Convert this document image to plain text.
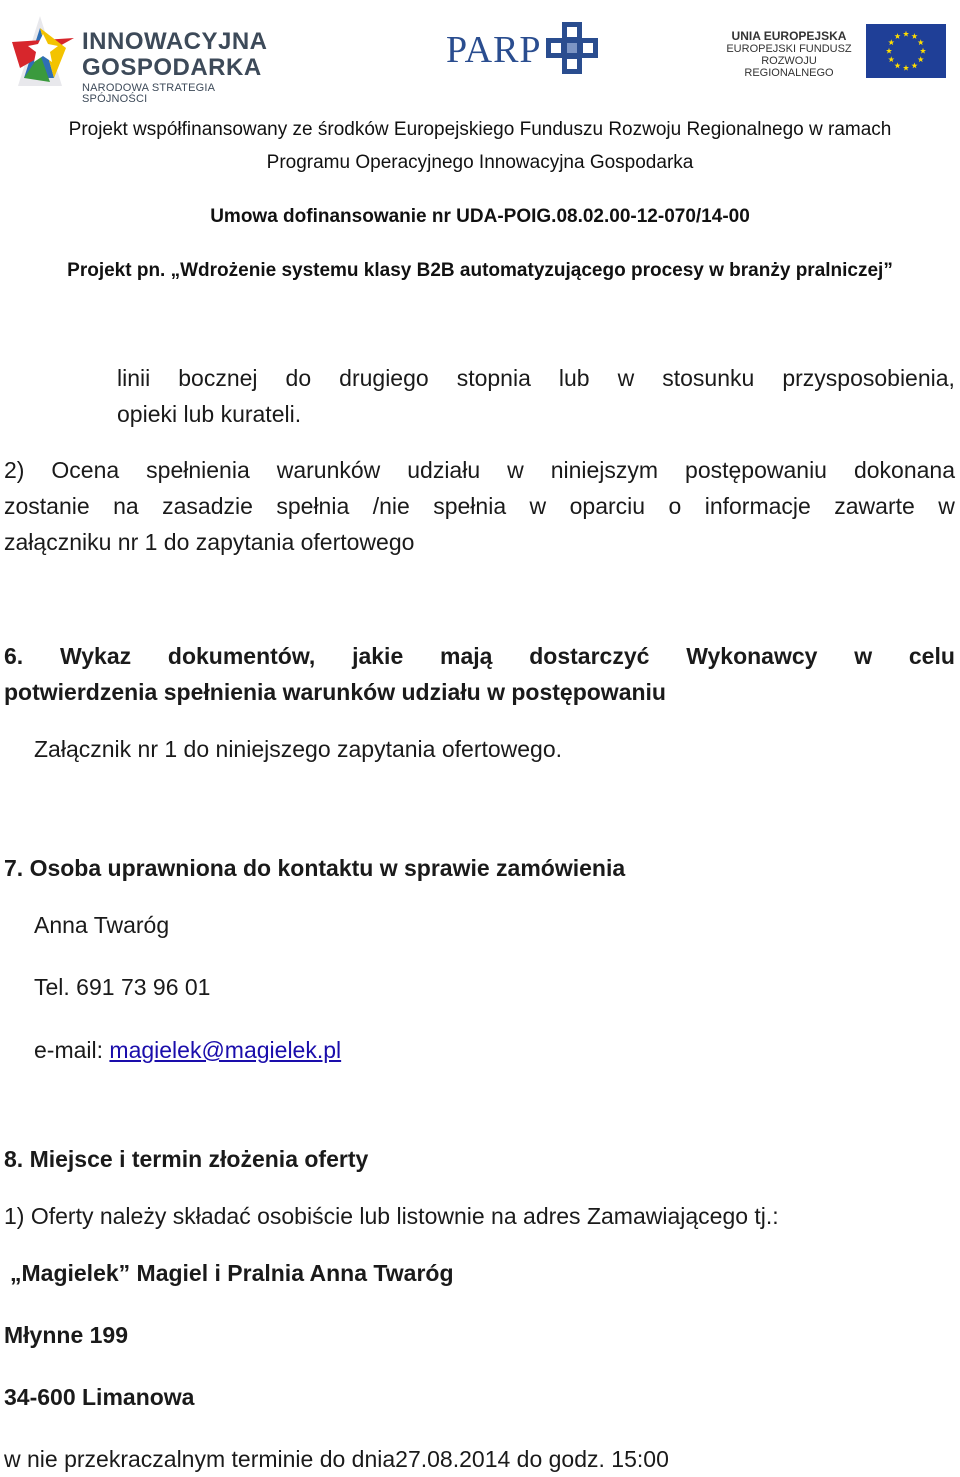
INNOWACYJNA
GOSPODARKA
NARODOWA STRATEGIA SPÓJNOŚCI
PARP	UNIA EUROPEJSKA
EUROPEJSKI FUNDUSZ
ROZWOJU REGIONALNEGO
Projekt współfinansowany ze środków Europejskiego Funduszu Rozwoju Regionalnego w ramach
Programu Operacyjnego Innowacyjna Gospodarka
Umowa dofinansowanie nr UDA-POIG.08.02.00-12-070/14-00
Projekt pn. „Wdrożenie systemu klasy B2B automatyzującego procesy w branży pralniczej”
linii bocznej do drugiego stopnia lub w stosunku przysposobienia,
opieki lub kurateli.
2) Ocena spełnienia warunków udziału w niniejszym postępowaniu dokonana
zostanie na zasadzie spełnia /nie spełnia w oparciu o informacje zawarte w
załączniku nr 1 do zapytania ofertowego
6. Wykaz dokumentów, jakie mają dostarczyć Wykonawcy w celu
potwierdzenia spełnienia warunków udziału w postępowaniu
Załącznik nr 1 do niniejszego zapytania ofertowego.
7. Osoba uprawniona do kontaktu w sprawie zamówienia
Anna Twaróg
Tel. 691 73 96 01
e-mail: magielek@magielek.pl
8. Miejsce i termin złożenia oferty
1) Oferty należy składać osobiście lub listownie na adres Zamawiającego tj.:
„Magielek” Magiel i Pralnia Anna Twaróg
Młynne 199
34-600 Limanowa
w nie przekraczalnym terminie do dnia27.08.2014 do godz. 15:00
